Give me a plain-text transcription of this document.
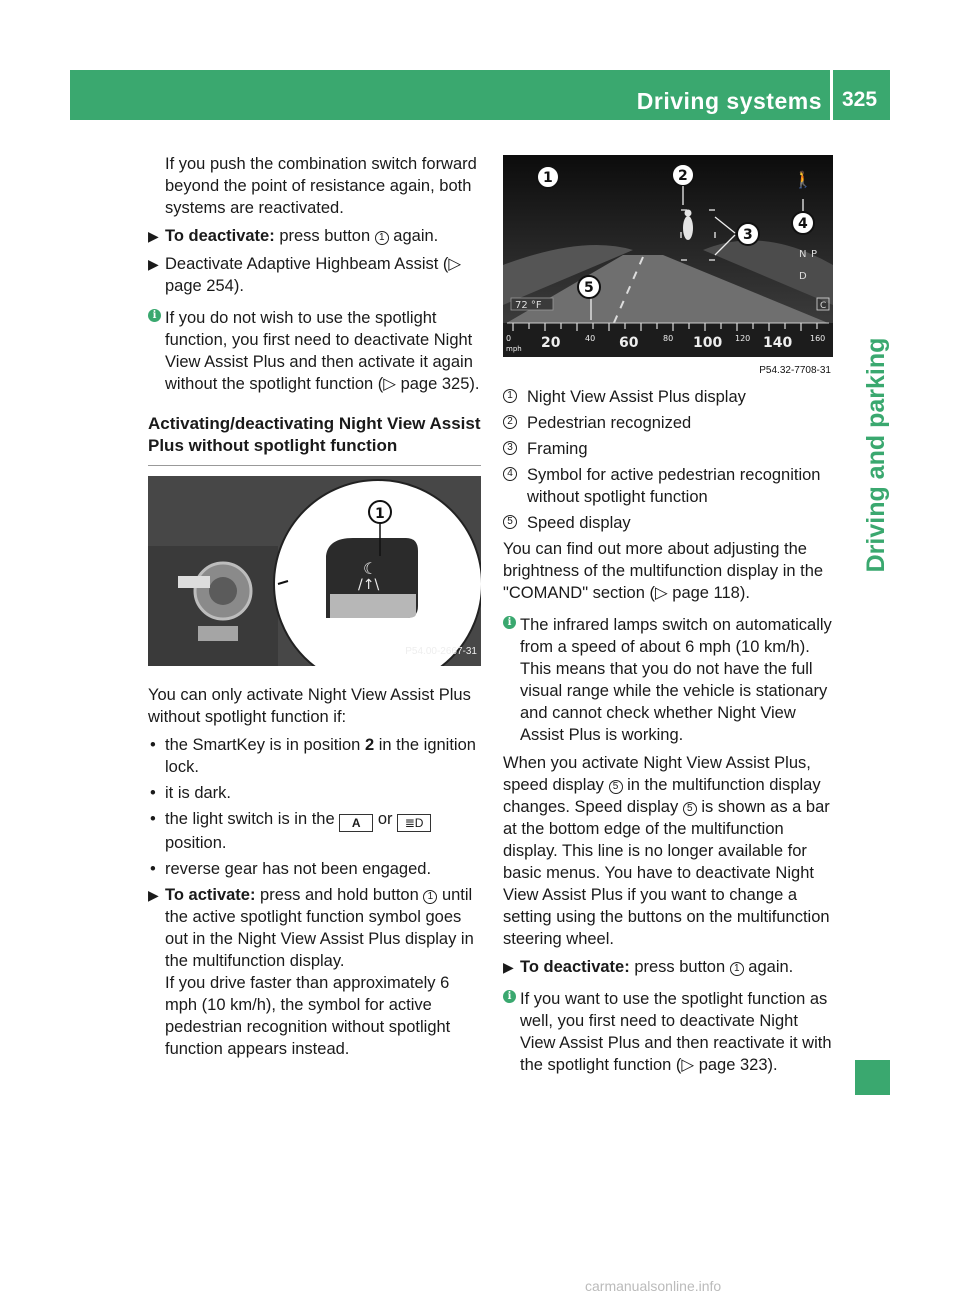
Driving systems 325
Driving and parking

If you push the combination switch forward beyond the point of resistance again, both systems are reactivated.

▶ To deactivate: press button 1 again.
▶ Deactivate Adaptive Highbeam Assist (▷ page 254).
i If you do not wish to use the spotlight function, you first need to deactivate Night View Assist Plus and then activate it again without the spotlight function (▷ page 325).
Activating/deactivating Night View Assist Plus without spotlight function
☾
/↑\
1
P54.00-2667-31

You can only activate Night View Assist Plus without spotlight function if:

• the SmartKey is in position 2 in the ignition lock.
• it is dark.
• the light switch is in the A or ≣D
position.
• reverse gear has not been engaged.
▶ To activate: press and hold button 1 until the active spotlight function symbol goes out in the Night View Assist Plus display in the multifunction display.
If you drive faster than approximately 6 mph (10 km/h), the symbol for active pedestrian recognition without spotlight function appears instead.
72 °F
N P
D
C
🚶
0
mph 20	40 60	80 100 120 140 160
1	2
3
4
5
P54.32-7708-31
1 Night View Assist Plus display
2 Pedestrian recognized
3 Framing
4 Symbol for active pedestrian recognition without spotlight function
5 Speed display

You can find out more about adjusting the brightness of the multifunction display in the "COMAND" section (▷ page 118).

i The infrared lamps switch on automatically from a speed of about 6 mph (10 km/h). This means that you do not have the full visual range while the vehicle is stationary and cannot check whether Night View Assist Plus is working.

When you activate Night View Assist Plus, speed display 5 in the multifunction display changes. Speed display 5 is shown as a bar at the bottom edge of the multifunction display. This line is no longer available for basic menus. You have to deactivate Night View Assist Plus if you want to change a setting using the buttons on the multifunction steering wheel.

▶ To deactivate: press button 1 again.
i If you want to use the spotlight function as well, you first need to deactivate Night View Assist Plus and then reactivate it with the spotlight function (▷ page 323).
carmanualsonline.info
